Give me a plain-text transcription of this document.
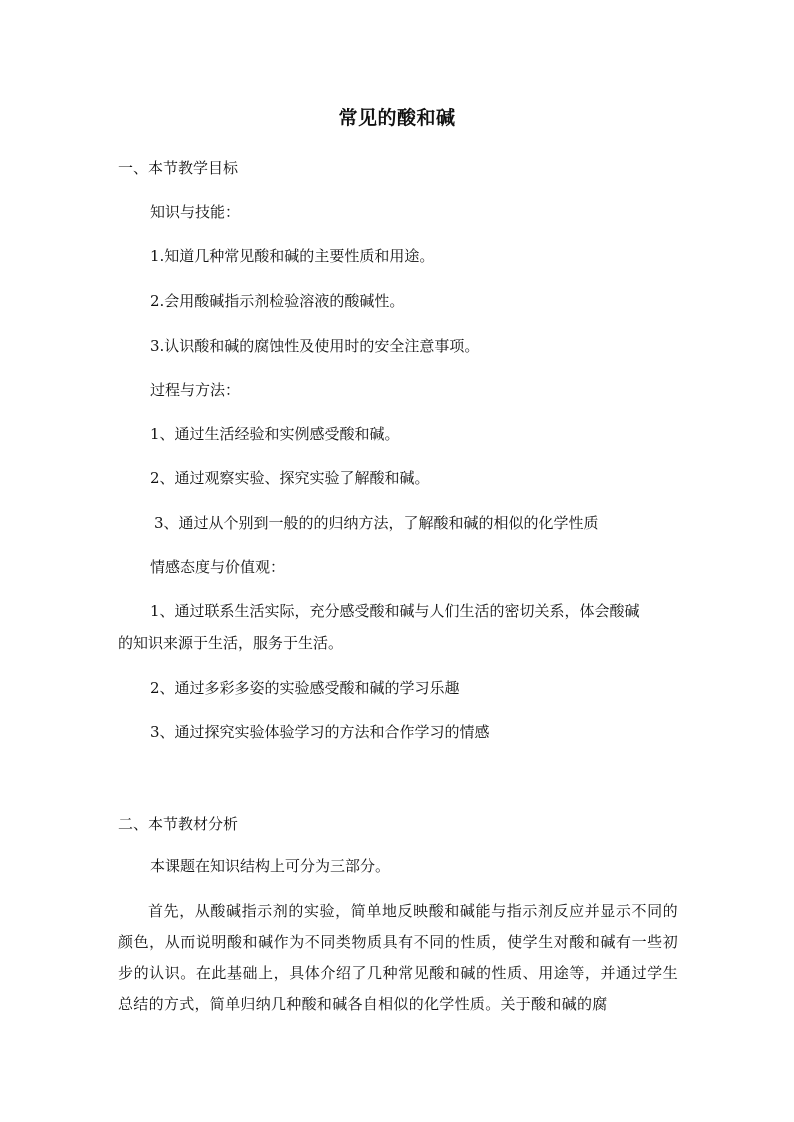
常见的酸和碱
一、本节教学目标
知识与技能：
1.知道几种常见酸和碱的主要性质和用途。
2.会用酸碱指示剂检验溶液的酸碱性。
3.认识酸和碱的腐蚀性及使用时的安全注意事项。
过程与方法：
1、通过生活经验和实例感受酸和碱。
2、通过观察实验、探究实验了解酸和碱。
3、通过从个别到一般的的归纳方法，了解酸和碱的相似的化学性质
情感态度与价值观：
1、通过联系生活实际，充分感受酸和碱与人们生活的密切关系，体会酸碱
的知识来源于生活，服务于生活。
2、通过多彩多姿的实验感受酸和碱的学习乐趣
3、通过探究实验体验学习的方法和合作学习的情感
二、本节教材分析
本课题在知识结构上可分为三部分。
首先，从酸碱指示剂的实验，简单地反映酸和碱能与指示剂反应并显示不同的颜色，从而说明酸和碱作为不同类物质具有不同的性质，使学生对酸和碱有一些初步的认识。在此基础上，具体介绍了几种常见酸和碱的性质、用途等，并通过学生总结的方式，简单归纳几种酸和碱各自相似的化学性质。关于酸和碱的腐
